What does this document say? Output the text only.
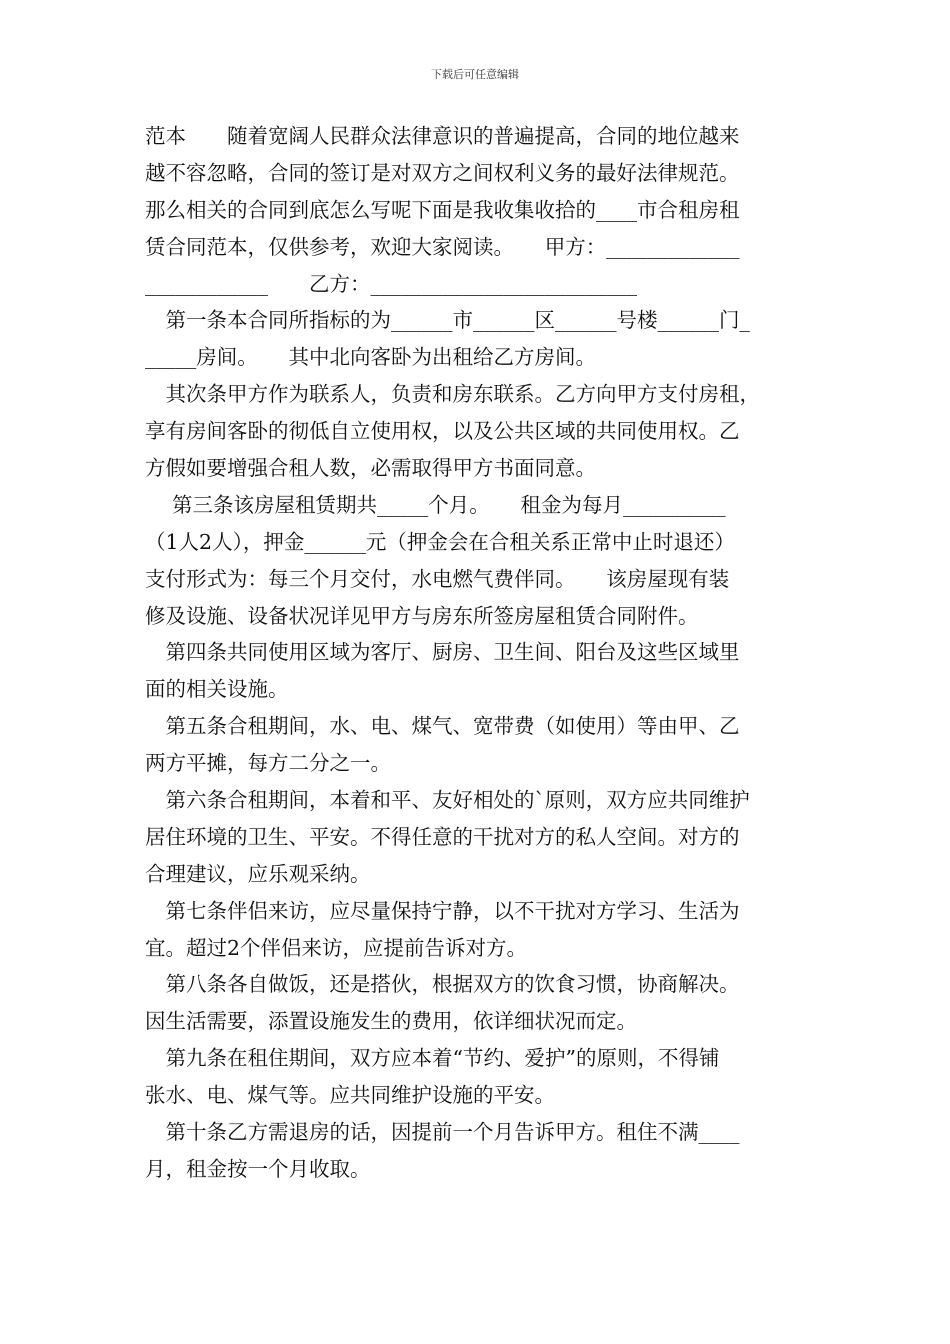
下载后可任意编辑
范本　　随着宽阔人民群众法律意识的普遍提高，合同的地位越来
越不容忽略，合同的签订是对双方之间权利义务的最好法律规范。
那么相关的合同到底怎么写呢下面是我收集收拾的____市合租房租
赁合同范本，仅供参考，欢迎大家阅读。　　甲方：_____________
____________　　乙方：__________________________
　第一条本合同所指标的为______市______区______号楼______门_
_____房间。　　其中北向客卧为出租给乙方房间。
　其次条甲方作为联系人，负责和房东联系。乙方向甲方支付房租，
享有房间客卧的彻低自立使用权，以及公共区域的共同使用权。乙
方假如要增强合租人数，必需取得甲方书面同意。
　 第三条该房屋租赁期共_____个月。　　租金为每月__________
（1人2人），押金______元（押金会在合租关系正常中止时退还）
支付形式为：每三个月交付，水电燃气费伴同。　　该房屋现有装
修及设施、设备状况详见甲方与房东所签房屋租赁合同附件。
　第四条共同使用区域为客厅、厨房、卫生间、阳台及这些区域里
面的相关设施。
　第五条合租期间，水、电、煤气、宽带费（如使用）等由甲、乙
两方平摊，每方二分之一。
　第六条合租期间，本着和平、友好相处的`原则，双方应共同维护
居住环境的卫生、平安。不得任意的干扰对方的私人空间。对方的
合理建议，应乐观采纳。
　第七条伴侣来访，应尽量保持宁静，以不干扰对方学习、生活为
宜。超过2个伴侣来访，应提前告诉对方。
　第八条各自做饭，还是搭伙，根据双方的饮食习惯，协商解决。
因生活需要，添置设施发生的费用，依详细状况而定。
　第九条在租住期间，双方应本着“节约、爱护”的原则，不得铺
张水、电、煤气等。应共同维护设施的平安。
　第十条乙方需退房的话，因提前一个月告诉甲方。租住不满____
月，租金按一个月收取。
